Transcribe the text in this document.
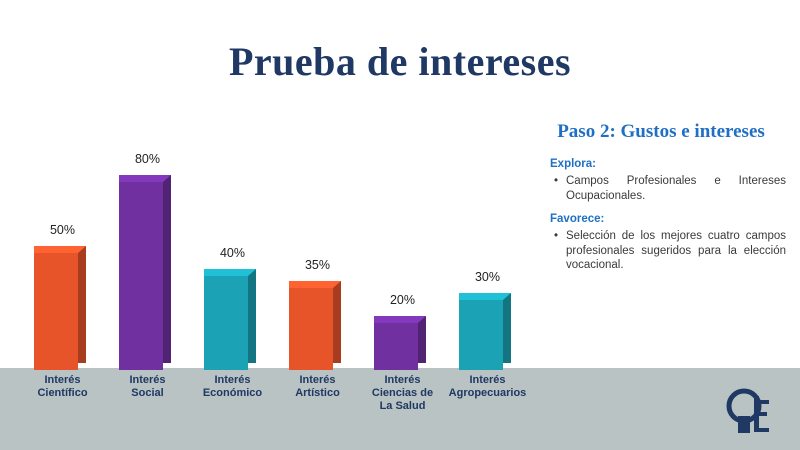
Prueba de intereses
50%
80%
40%
35%
20%
30%
Interés
Científico
Interés
Social
Interés
Económico
Interés
Artístico
Interés
Ciencias de
La Salud
Interés
Agropecuarios
Paso 2: Gustos e intereses
Explora:
• Campos Profesionales e Intereses Ocupacionales.
Favorece:
• Selección de los mejores cuatro campos profesionales sugeridos para la elección vocacional.
